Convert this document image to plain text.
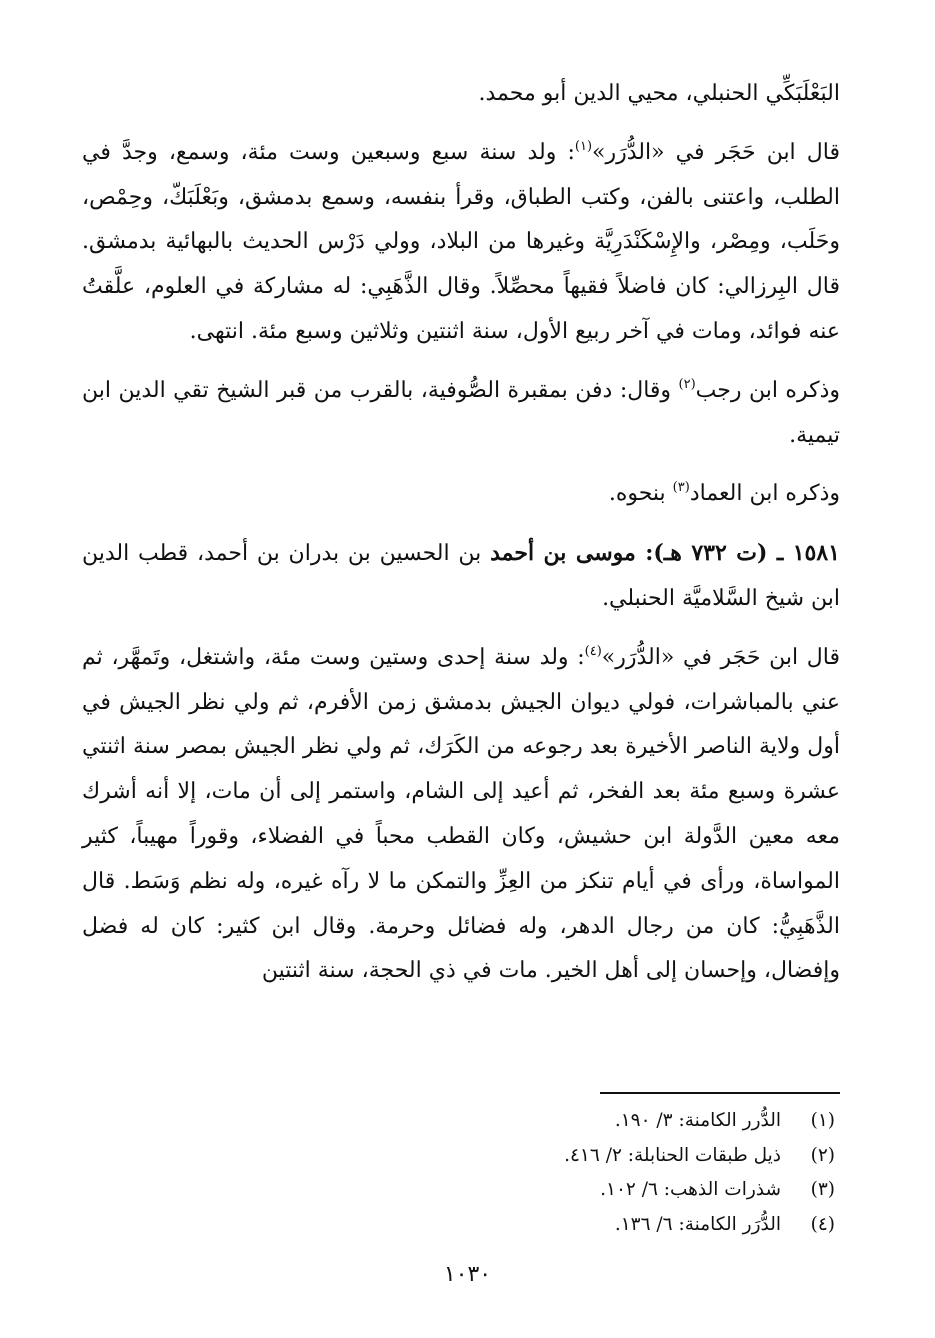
البَعْلَبَكِّي الحنبلي، محيي الدين أبو محمد.

قال ابن حَجَر في «الدُّرَر»$^{(١)}$: ولد سنة سبع وسبعين وست مئة، وسمع، وجدَّ في الطلب، واعتنى بالفن، وكتب الطباق، وقرأ بنفسه، وسمع بدمشق، وبَعْلَبَكّ، وحِمْص، وحَلَب، ومِصْر، والإِسْكَنْدَرِيَّة وغيرها من البلاد، وولي دَرْس الحديث بالبهائية بدمشق. قال البِرزالي: كان فاضلاً فقيهاً محصِّلاً. وقال الذَّهَبِي: له مشاركة في العلوم، علَّقتُ عنه فوائد، ومات في آخر ربيع الأول، سنة اثنتين وثلاثين وسبع مئة. انتهى.

وذكره ابن رجب$^{(٢)}$ وقال: دفن بمقبرة الصُّوفية، بالقرب من قبر الشيخ تقي الدين ابن تيمية.

وذكره ابن العماد$^{(٣)}$ بنحوه.

١٥٨١ ـ (ت ٧٣٢ هـ): موسى بن أحمد بن الحسين بن بدران بن أحمد، قطب الدين ابن شيخ السَّلاميَّة الحنبلي.

قال ابن حَجَر في «الدُّرَر»$^{(٤)}$: ولد سنة إحدى وستين وست مئة، واشتغل، وتَمهَّر، ثم عني بالمباشرات، فولي ديوان الجيش بدمشق زمن الأفرم، ثم ولي نظر الجيش في أول ولاية الناصر الأخيرة بعد رجوعه من الكَرَك، ثم ولي نظر الجيش بمصر سنة اثنتي عشرة وسبع مئة بعد الفخر، ثم أعيد إلى الشام، واستمر إلى أن مات، إلا أنه أشرك معه معين الدَّولة ابن حشيش، وكان القطب محباً في الفضلاء، وقوراً مهيباً، كثير المواساة، ورأى في أيام تنكز من العِزِّ والتمكن ما لا رآه غيره، وله نظم وَسَط. قال الذَّهَبِيُّ: كان من رجال الدهر، وله فضائل وحرمة. وقال ابن كثير: كان له فضل وإفضال، وإحسان إلى أهل الخير. مات في ذي الحجة، سنة اثنتين

(١)
الدُّرر الكامنة: ٣/ ١٩٠.
(٢)
ذيل طبقات الحنابلة: ٢/ ٤١٦.
(٣)
شذرات الذهب: ٦/ ١٠٢.
(٤)
الدُّرَر الكامنة: ٦/ ١٣٦.
١٠٣٠
